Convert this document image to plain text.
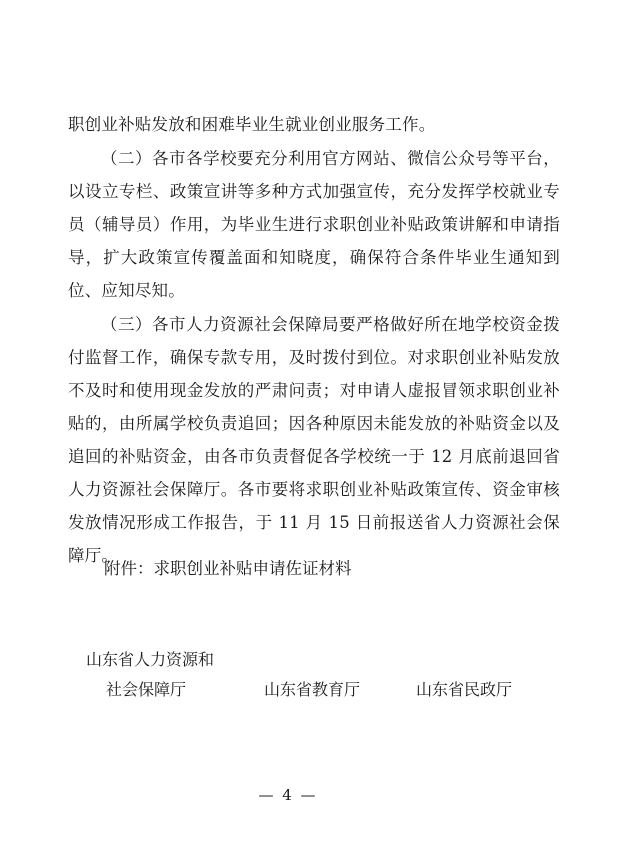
职创业补贴发放和困难毕业生就业创业服务工作。

（二）各市各学校要充分利用官方网站、微信公众号等平台，以设立专栏、政策宣讲等多种方式加强宣传，充分发挥学校就业专员（辅导员）作用，为毕业生进行求职创业补贴政策讲解和申请指导，扩大政策宣传覆盖面和知晓度，确保符合条件毕业生通知到位、应知尽知。

（三）各市人力资源社会保障局要严格做好所在地学校资金拨付监督工作，确保专款专用，及时拨付到位。对求职创业补贴发放不及时和使用现金发放的严肃问责；对申请人虚报冒领求职创业补贴的，由所属学校负责追回；因各种原因未能发放的补贴资金以及追回的补贴资金，由各市负责督促各学校统一于 12 月底前退回省人力资源社会保障厅。各市要将求职创业补贴政策宣传、资金审核发放情况形成工作报告，于 11 月 15 日前报送省人力资源社会保障厅。

附件：求职创业补贴申请佐证材料
山东省人力资源和
社会保障厅	山东省教育厅	山东省民政厅
— 4 —
